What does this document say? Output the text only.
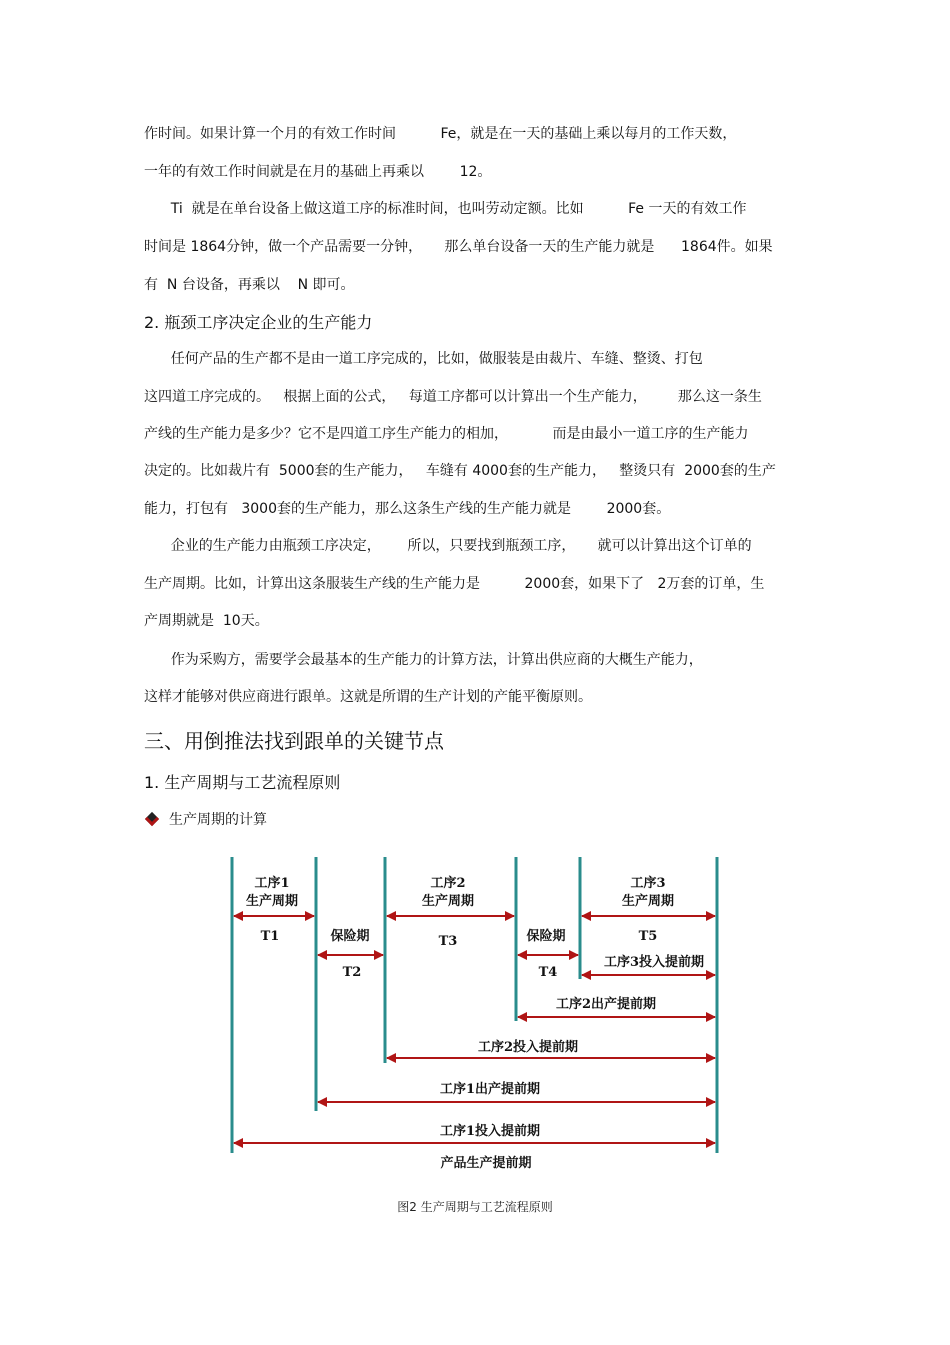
作时间。如果计算一个月的有效工作时间          Fe，就是在一天的基础上乘以每月的工作天数，
一年的有效工作时间就是在月的基础上再乘以        12。
Ti  就是在单台设备上做这道工序的标准时间，也叫劳动定额。比如          Fe 一天的有效工作
时间是 1864分钟，做一个产品需要一分钟，     那么单台设备一天的生产能力就是      1864件。如果
有  N 台设备，再乘以    N 即可。
2. 瓶颈工序决定企业的生产能力
任何产品的生产都不是由一道工序完成的，比如，做服装是由裁片、车缝、整烫、打包
这四道工序完成的。   根据上面的公式，   每道工序都可以计算出一个生产能力，       那么这一条生
产线的生产能力是多少？它不是四道工序生产能力的相加，          而是由最小一道工序的生产能力
决定的。比如裁片有  5000套的生产能力，   车缝有 4000套的生产能力，   整烫只有  2000套的生产
能力，打包有   3000套的生产能力，那么这条生产线的生产能力就是        2000套。
企业的生产能力由瓶颈工序决定，      所以，只要找到瓶颈工序，     就可以计算出这个订单的
生产周期。比如，计算出这条服装生产线的生产能力是          2000套，如果下了   2万套的订单，生
产周期就是  10天。
作为采购方，需要学会最基本的生产能力的计算方法，计算出供应商的大概生产能力，
这样才能够对供应商进行跟单。这就是所谓的生产计划的产能平衡原则。
三、用倒推法找到跟单的关键节点
1. 生产周期与工艺流程原则
生产周期的计算
工序1
生产周期
工序2
生产周期
工序3
生产周期
T1	保险期
T2
T3	保险期
T4
T5
工序3投入提前期
工序2出产提前期
工序2投入提前期
工序1出产提前期
工序1投入提前期
产品生产提前期
图2 生产周期与工艺流程原则
